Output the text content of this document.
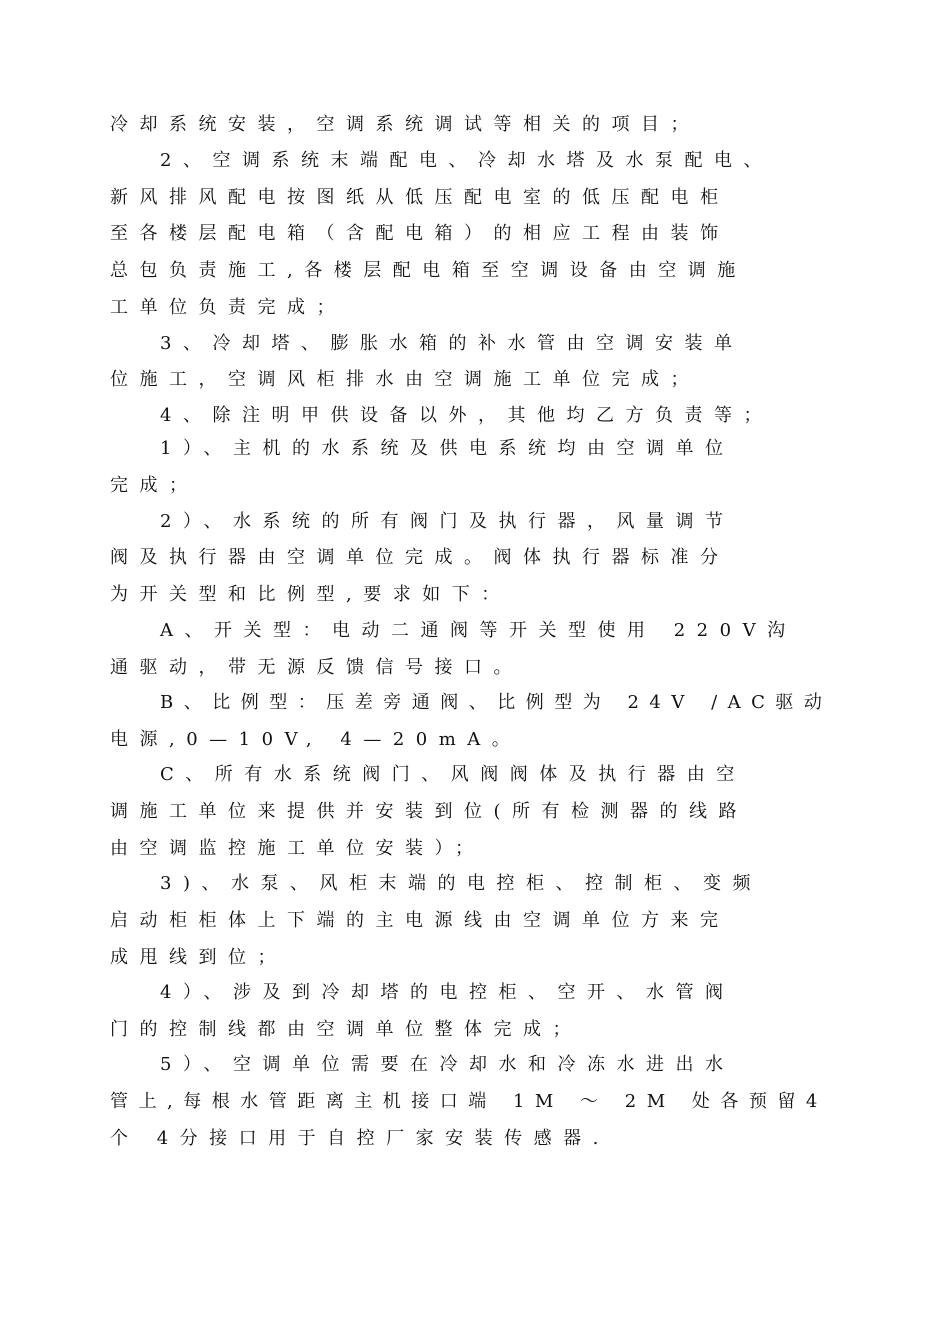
冷却系统安装，空调系统调试等相关的项目；
2、空调系统末端配电、冷却水塔及水泵配电、
新风排风配电按图纸从低压配电室的低压配电柜
至各楼层配电箱（含配电箱）的相应工程由装饰
总包负责施工,各楼层配电箱至空调设备由空调施
工单位负责完成；
3、冷却塔、膨胀水箱的补水管由空调安装单
位施工，空调风柜排水由空调施工单位完成；
4、除注明甲供设备以外，其他均乙方负责等；
1）、主机的水系统及供电系统均由空调单位
完成；
2）、水系统的所有阀门及执行器，风量调节
阀及执行器由空调单位完成。阀体执行器标准分
为开关型和比例型,要求如下：
A、开关型：电动二通阀等开关型使用 220V沟
通驱动，带无源反馈信号接口。
B、比例型：压差旁通阀、比例型为 24V /AC驱动
电源,0—10V, 4—20mA。
C、所有水系统阀门、风阀阀体及执行器由空
调施工单位来提供并安装到位(所有检测器的线路
由空调监控施工单位安装）；
3)、水泵、风柜末端的电控柜、控制柜、变频
启动柜柜体上下端的主电源线由空调单位方来完
成甩线到位；
4）、涉及到冷却塔的电控柜、空开、水管阀
门的控制线都由空调单位整体完成；
5）、空调单位需要在冷却水和冷冻水进出水
管上,每根水管距离主机接口端 1M ～ 2M 处各预留4
个 4分接口用于自控厂家安装传感器.
